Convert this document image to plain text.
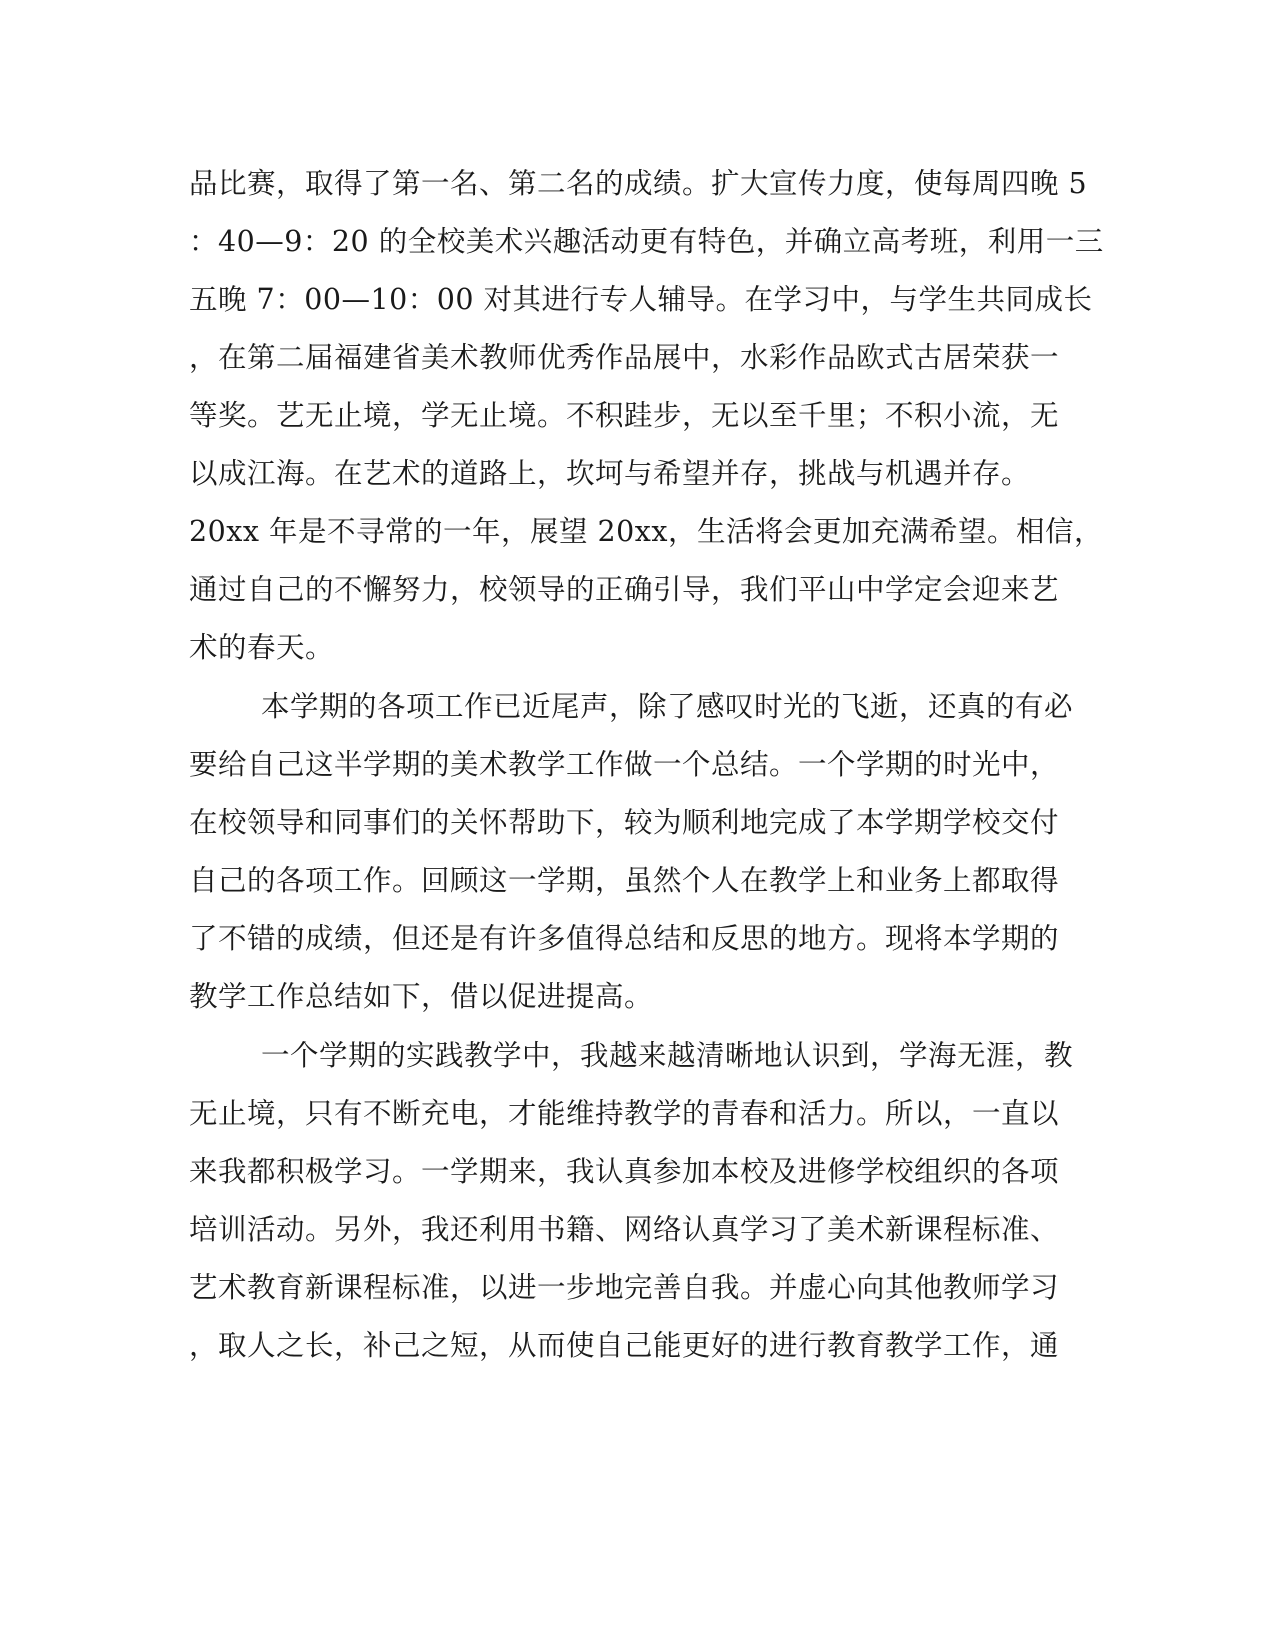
品比赛，取得了第一名、第二名的成绩。扩大宣传力度，使每周四晚 5
：40—9：20 的全校美术兴趣活动更有特色，并确立高考班，利用一三
五晚 7：00—10：00 对其进行专人辅导。在学习中，与学生共同成长
，在第二届福建省美术教师优秀作品展中，水彩作品欧式古居荣获一
等奖。艺无止境，学无止境。不积跬步，无以至千里；不积小流，无
以成江海。在艺术的道路上，坎坷与希望并存，挑战与机遇并存。
20xx 年是不寻常的一年，展望 20xx，生活将会更加充满希望。相信，
通过自己的不懈努力，校领导的正确引导，我们平山中学定会迎来艺
术的春天。
本学期的各项工作已近尾声，除了感叹时光的飞逝，还真的有必
要给自己这半学期的美术教学工作做一个总结。一个学期的时光中，
在校领导和同事们的关怀帮助下，较为顺利地完成了本学期学校交付
自己的各项工作。回顾这一学期，虽然个人在教学上和业务上都取得
了不错的成绩，但还是有许多值得总结和反思的地方。现将本学期的
教学工作总结如下，借以促进提高。
一个学期的实践教学中，我越来越清晰地认识到，学海无涯，教
无止境，只有不断充电，才能维持教学的青春和活力。所以，一直以
来我都积极学习。一学期来，我认真参加本校及进修学校组织的各项
培训活动。另外，我还利用书籍、网络认真学习了美术新课程标准、
艺术教育新课程标准，以进一步地完善自我。并虚心向其他教师学习
，取人之长，补己之短，从而使自己能更好的进行教育教学工作，通
